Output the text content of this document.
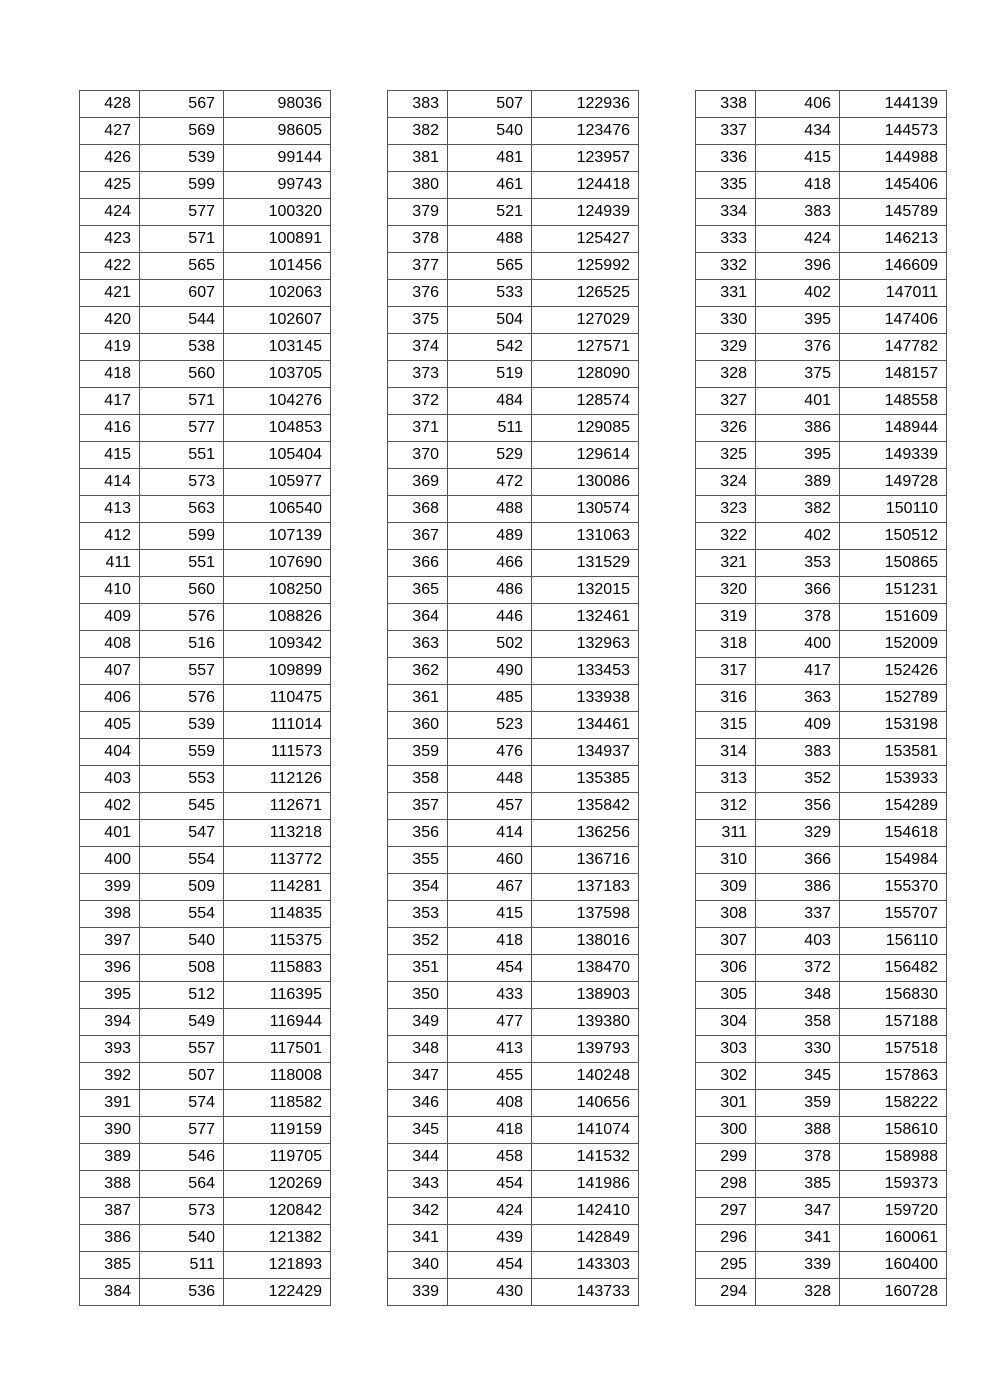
428	567	98036
427	569	98605
426	539	99144
425	599	99743
424	577	100320
423	571	100891
422	565	101456
421	607	102063
420	544	102607
419	538	103145
418	560	103705
417	571	104276
416	577	104853
415	551	105404
414	573	105977
413	563	106540
412	599	107139
411	551	107690
410	560	108250
409	576	108826
408	516	109342
407	557	109899
406	576	110475
405	539	111014
404	559	111573
403	553	112126
402	545	112671
401	547	113218
400	554	113772
399	509	114281
398	554	114835
397	540	115375
396	508	115883
395	512	116395
394	549	116944
393	557	117501
392	507	118008
391	574	118582
390	577	119159
389	546	119705
388	564	120269
387	573	120842
386	540	121382
385	511	121893
384	536	122429
383	507	122936
382	540	123476
381	481	123957
380	461	124418
379	521	124939
378	488	125427
377	565	125992
376	533	126525
375	504	127029
374	542	127571
373	519	128090
372	484	128574
371	511	129085
370	529	129614
369	472	130086
368	488	130574
367	489	131063
366	466	131529
365	486	132015
364	446	132461
363	502	132963
362	490	133453
361	485	133938
360	523	134461
359	476	134937
358	448	135385
357	457	135842
356	414	136256
355	460	136716
354	467	137183
353	415	137598
352	418	138016
351	454	138470
350	433	138903
349	477	139380
348	413	139793
347	455	140248
346	408	140656
345	418	141074
344	458	141532
343	454	141986
342	424	142410
341	439	142849
340	454	143303
339	430	143733
338	406	144139
337	434	144573
336	415	144988
335	418	145406
334	383	145789
333	424	146213
332	396	146609
331	402	147011
330	395	147406
329	376	147782
328	375	148157
327	401	148558
326	386	148944
325	395	149339
324	389	149728
323	382	150110
322	402	150512
321	353	150865
320	366	151231
319	378	151609
318	400	152009
317	417	152426
316	363	152789
315	409	153198
314	383	153581
313	352	153933
312	356	154289
311	329	154618
310	366	154984
309	386	155370
308	337	155707
307	403	156110
306	372	156482
305	348	156830
304	358	157188
303	330	157518
302	345	157863
301	359	158222
300	388	158610
299	378	158988
298	385	159373
297	347	159720
296	341	160061
295	339	160400
294	328	160728
